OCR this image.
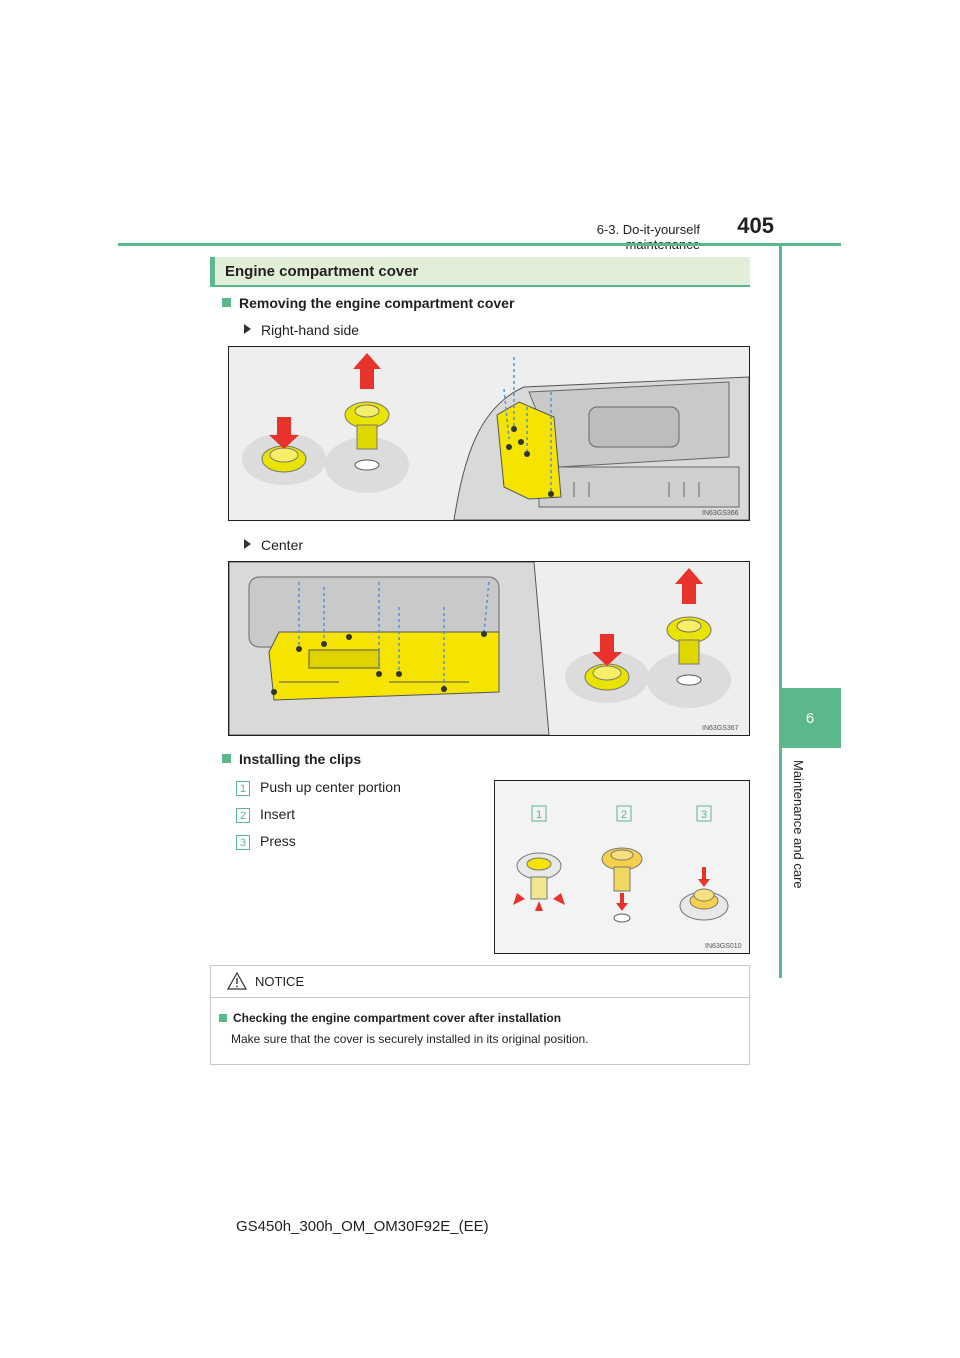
6-3. Do-it-yourself	405
6
Maintenance and care
Engine compartment cover
Removing the engine compartment cover
Right-hand side
IN63GS366
Center
IN63GS367
Installing the clips
1 Push up center portion
2 Insert
3 Press
1	2	3
IN63GS010
NOTICE
Checking the engine compartment cover after installation
Make sure that the cover is securely installed in its original position.
GS450h_300h_OM_OM30F92E_(EE)
